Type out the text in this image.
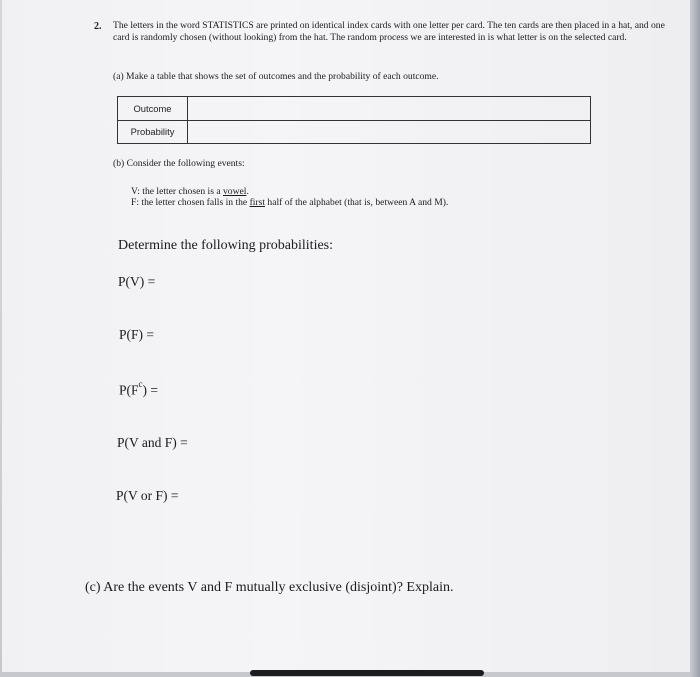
2. The letters in the word STATISTICS are printed on identical index cards with one letter per card. The ten cards are then placed in a hat, and one card is randomly chosen (without looking) from the hat. The random process we are interested in is what letter is on the selected card.
(a) Make a table that shows the set of outcomes and the probability of each outcome.
Outcome	
Probability	
(b) Consider the following events:
V: the letter chosen is a vowel.
F: the letter chosen falls in the first half of the alphabet (that is, between A and M).
Determine the following probabilities:
P(V) =
P(F) =
$P(F^c)$ =
P(V and F) =
P(V or F) =
(c) Are the events V and F mutually exclusive (disjoint)? Explain.
